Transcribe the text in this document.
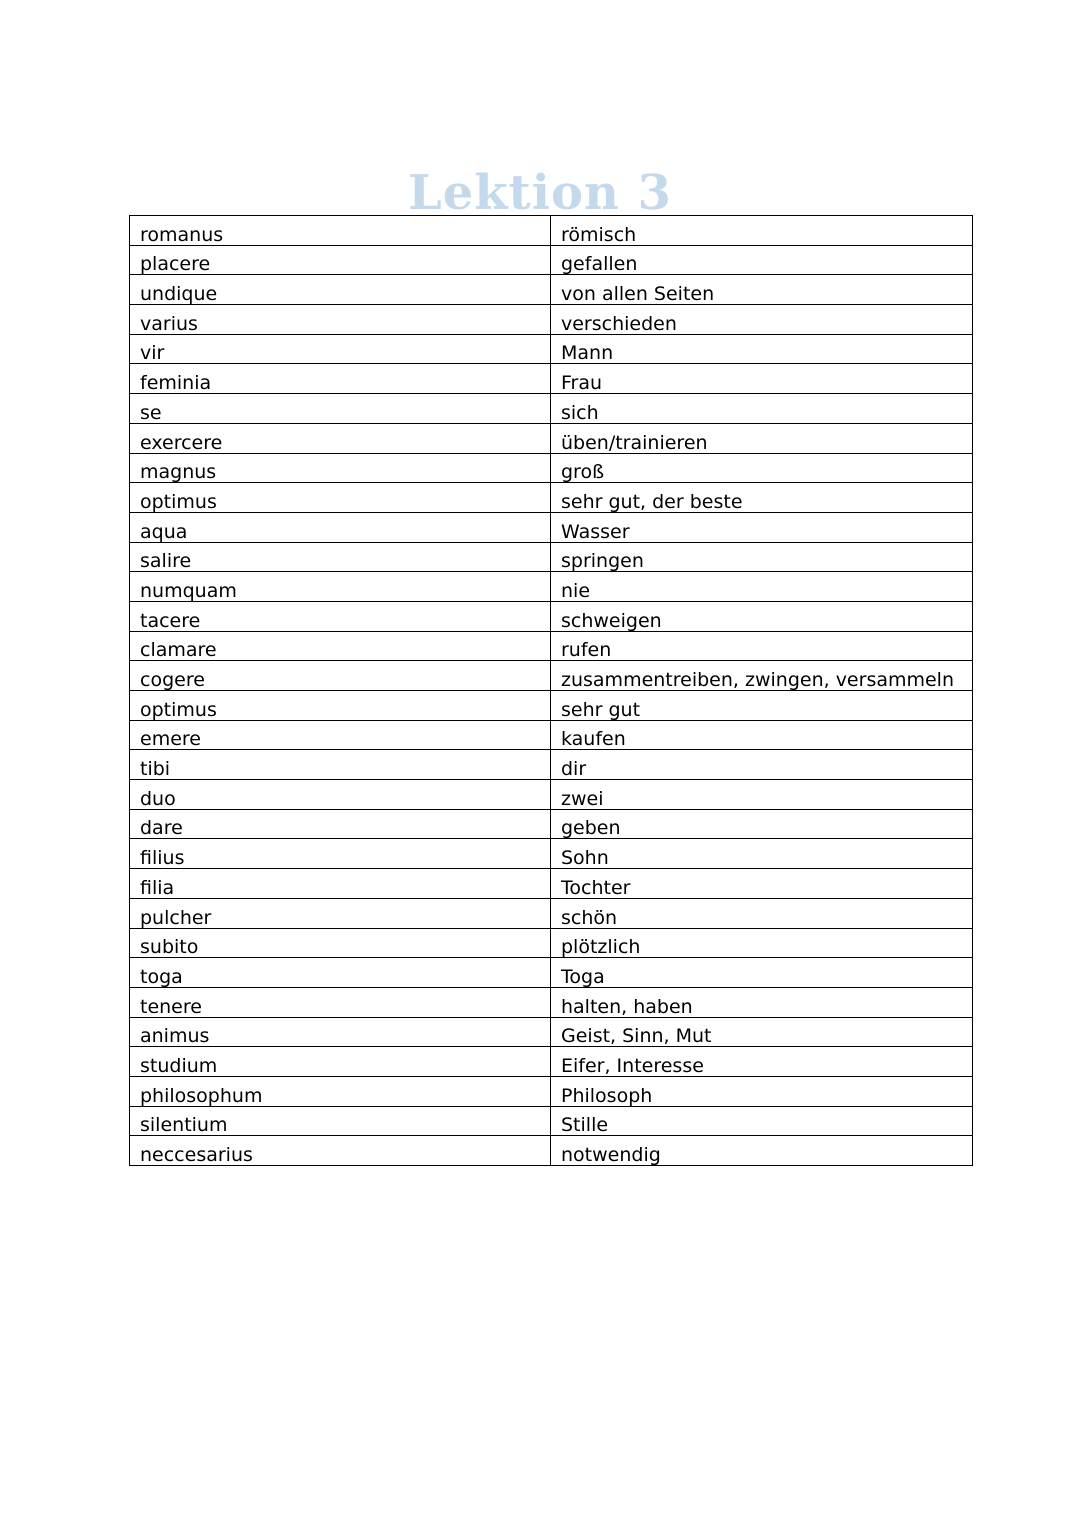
Lektion 3
romanus	römisch
placere	gefallen
undique	von allen Seiten
varius	verschieden
vir	Mann
feminia	Frau
se	sich
exercere	üben/trainieren
magnus	groß
optimus	sehr gut, der beste
aqua	Wasser
salire	springen
numquam	nie
tacere	schweigen
clamare	rufen
cogere	zusammentreiben, zwingen, versammeln
optimus	sehr gut
emere	kaufen
tibi	dir
duo	zwei
dare	geben
filius	Sohn
filia	Tochter
pulcher	schön
subito	plötzlich
toga	Toga
tenere	halten, haben
animus	Geist, Sinn, Mut
studium	Eifer, Interesse
philosophum	Philosoph
silentium	Stille
neccesarius	notwendig
